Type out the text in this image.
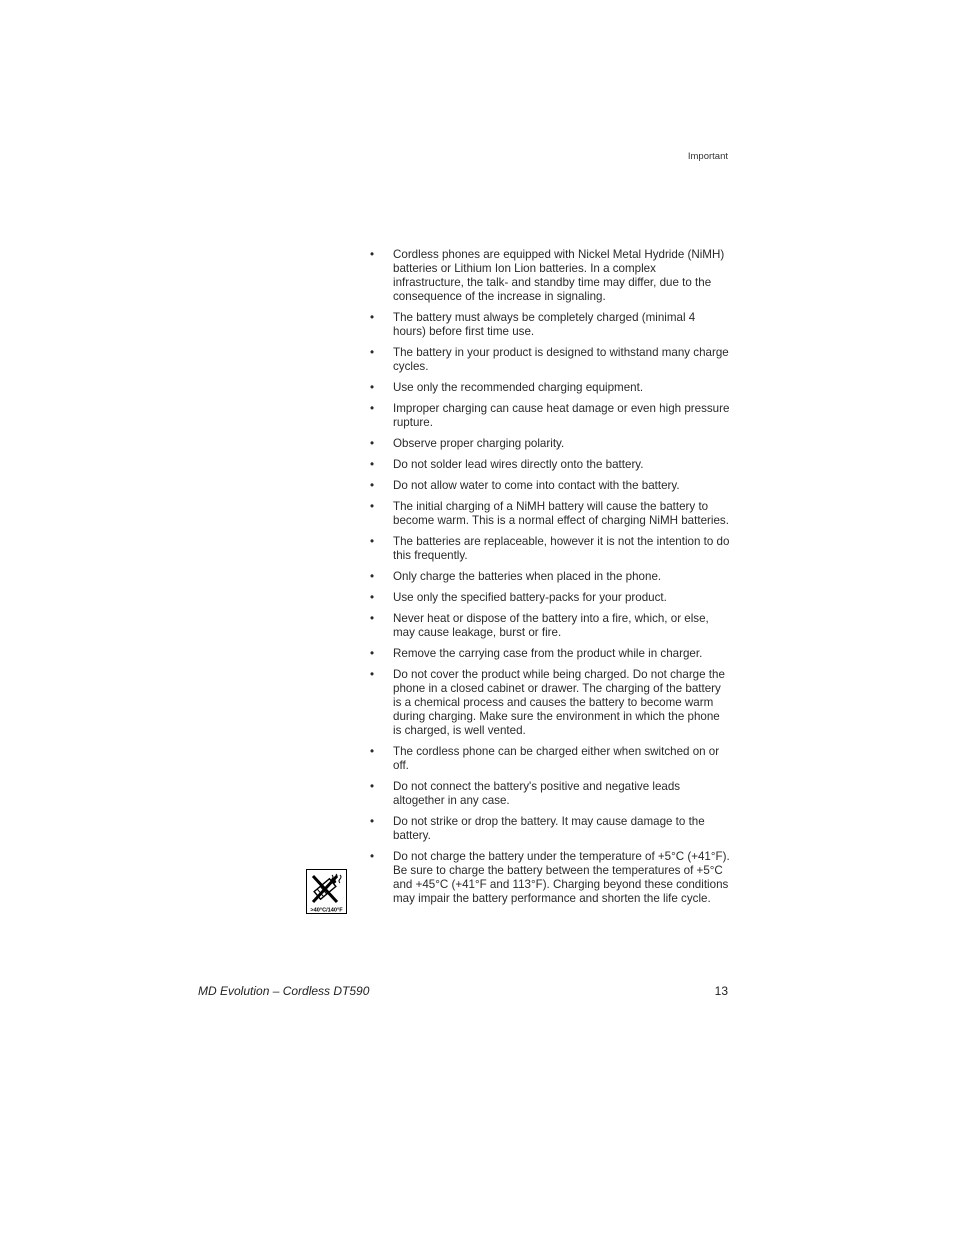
Important
• Cordless phones are equipped with Nickel Metal Hydride (NiMH) batteries or Lithium Ion Lion batteries. In a complex infrastructure, the talk- and standby time may differ, due to the consequence of the increase in signaling.
• The battery must always be completely charged (minimal 4 hours) before first time use.
• The battery in your product is designed to withstand many charge cycles.
• Use only the recommended charging equipment.
• Improper charging can cause heat damage or even high pressure rupture.
• Observe proper charging polarity.
• Do not solder lead wires directly onto the battery.
• Do not allow water to come into contact with the battery.
• The initial charging of a NiMH battery will cause the battery to become warm. This is a normal effect of charging NiMH batteries.
• The batteries are replaceable, however it is not the intention to do this frequently.
• Only charge the batteries when placed in the phone.
• Use only the specified battery-packs for your product.
• Never heat or dispose of the battery into a fire, which, or else, may cause leakage, burst or fire.
• Remove the carrying case from the product while in charger.
• Do not cover the product while being charged. Do not charge the phone in a closed cabinet or drawer. The charging of the battery is a chemical process and causes the battery to become warm during charging. Make sure the environment in which the phone is charged, is well vented.
• The cordless phone can be charged either when switched on or off.
• Do not connect the battery's positive and negative leads altogether in any case.
• Do not strike or drop the battery. It may cause damage to the battery.
• Do not charge the battery under the temperature of +5°C (+41°F). Be sure to charge the battery between the temperatures of +5°C and +45°C (+41°F and 113°F). Charging beyond these conditions may impair the battery performance and shorten the life cycle.
>40°C/140°F
MD Evolution – Cordless DT590	13
